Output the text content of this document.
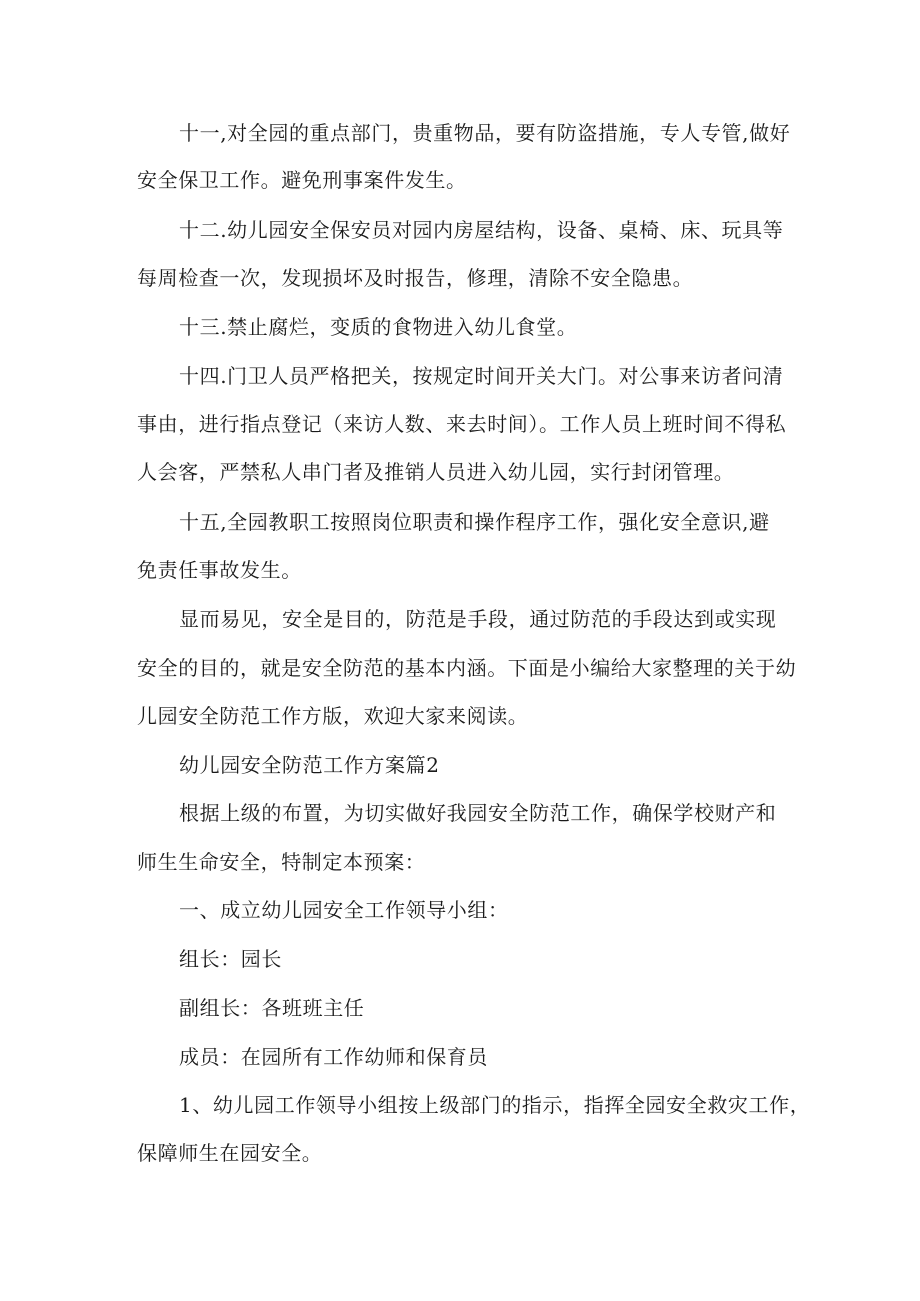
十一,对全园的重点部门，贵重物品，要有防盗措施，专人专管,做好

安全保卫工作。避免刑事案件发生。

十二.幼儿园安全保安员对园内房屋结构，设备、桌椅、床、玩具等

每周检查一次，发现损坏及时报告，修理，清除不安全隐患。

十三.禁止腐烂，变质的食物进入幼儿食堂。

十四.门卫人员严格把关，按规定时间开关大门。对公事来访者问清

事由，进行指点登记（来访人数、来去时间）。工作人员上班时间不得私

人会客，严禁私人串门者及推销人员进入幼儿园，实行封闭管理。

十五,全园教职工按照岗位职责和操作程序工作，强化安全意识,避

免责任事故发生。

显而易见，安全是目的，防范是手段，通过防范的手段达到或实现

安全的目的，就是安全防范的基本内涵。下面是小编给大家整理的关于幼

儿园安全防范工作方版，欢迎大家来阅读。

幼儿园安全防范工作方案篇2

根据上级的布置，为切实做好我园安全防范工作，确保学校财产和

师生生命安全，特制定本预案：

一、成立幼儿园安全工作领导小组：

组长：园长

副组长：各班班主任

成员：在园所有工作幼师和保育员

1、幼儿园工作领导小组按上级部门的指示，指挥全园安全救灾工作，

保障师生在园安全。
